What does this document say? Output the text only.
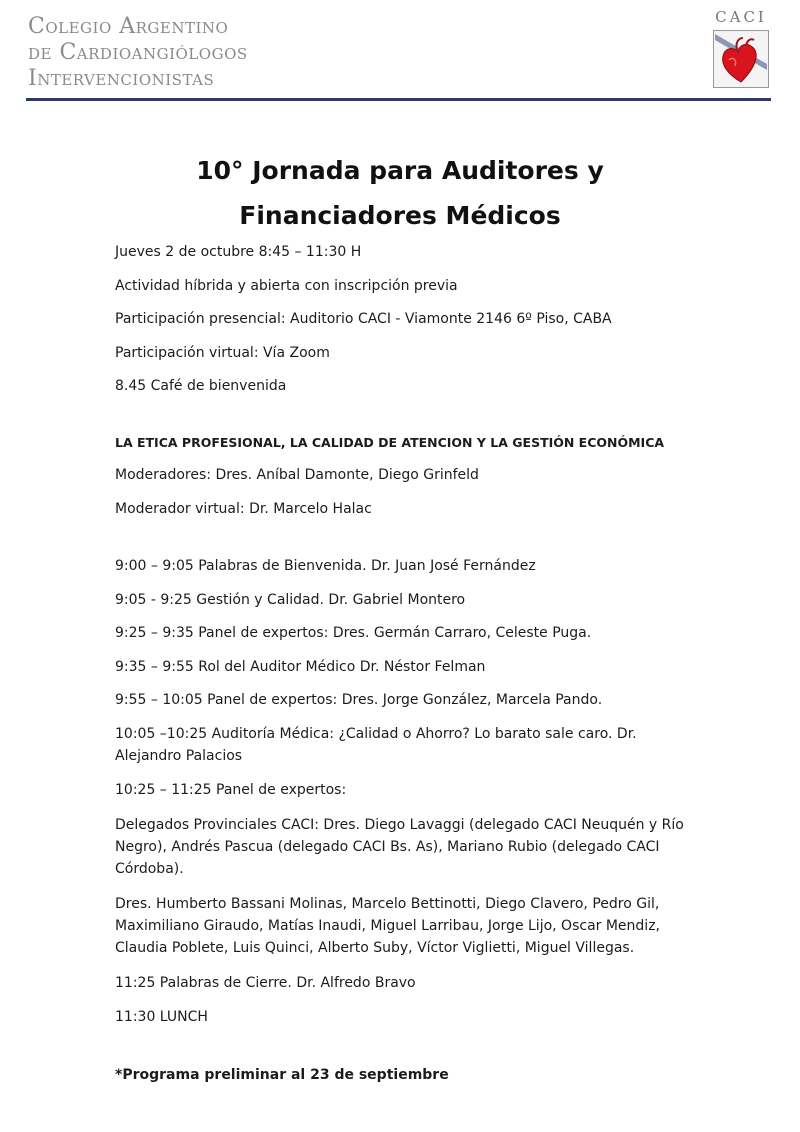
Colegio Argentino
de Cardioangiólogos
Intervencionistas
CACI
10° Jornada para Auditores y
Financiadores Médicos
Jueves 2 de octubre 8:45 – 11:30 H
Actividad híbrida y abierta con inscripción previa
Participación presencial: Auditorio CACI - Viamonte 2146 6º Piso, CABA
Participación virtual: Vía Zoom
8.45 Café de bienvenida
LA ETICA PROFESIONAL, LA CALIDAD DE ATENCION Y LA GESTIÓN ECONÓMICA
Moderadores: Dres. Aníbal Damonte, Diego Grinfeld
Moderador virtual: Dr. Marcelo Halac
9:00 – 9:05 Palabras de Bienvenida. Dr. Juan José Fernández
9:05 - 9:25 Gestión y Calidad. Dr. Gabriel Montero
9:25 – 9:35 Panel de expertos: Dres. Germán Carraro, Celeste Puga.
9:35 – 9:55 Rol del Auditor Médico Dr. Néstor Felman
9:55 – 10:05 Panel de expertos: Dres. Jorge González, Marcela Pando.
10:05 –10:25 Auditoría Médica: ¿Calidad o Ahorro? Lo barato sale caro. Dr. Alejandro Palacios
10:25 – 11:25 Panel de expertos:
Delegados Provinciales CACI: Dres. Diego Lavaggi (delegado CACI Neuquén y Río Negro), Andrés Pascua (delegado CACI Bs. As), Mariano Rubio (delegado CACI Córdoba).
Dres. Humberto Bassani Molinas, Marcelo Bettinotti, Diego Clavero, Pedro Gil, Maximiliano Giraudo, Matías Inaudi, Miguel Larribau, Jorge Lijo, Oscar Mendiz, Claudia Poblete, Luis Quinci, Alberto Suby, Víctor Viglietti, Miguel Villegas.
11:25 Palabras de Cierre. Dr. Alfredo Bravo
11:30 LUNCH
*Programa preliminar al 23 de septiembre
